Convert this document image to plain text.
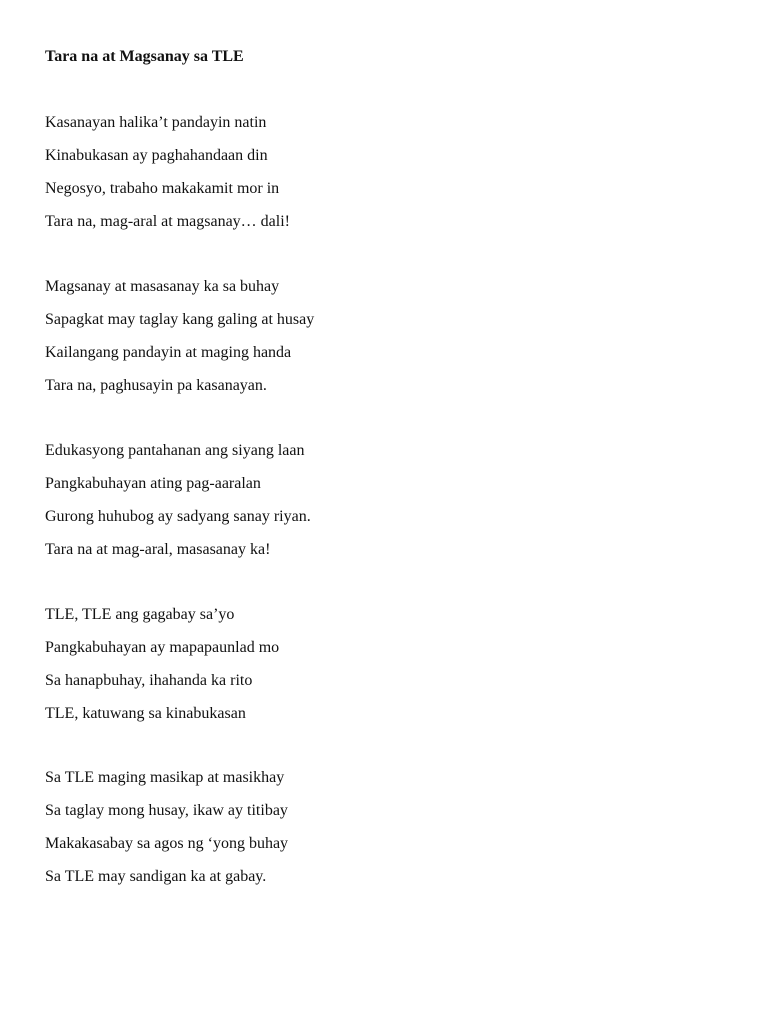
Tara na at Magsanay sa TLE
Kasanayan halika’t pandayin natin
Kinabukasan ay paghahandaan din
Negosyo, trabaho makakamit mor in
Tara na, mag-aral at magsanay… dali!
Magsanay at masasanay ka sa buhay
Sapagkat may taglay kang galing at husay
Kailangang pandayin at maging handa
Tara na, paghusayin pa kasanayan.
Edukasyong pantahanan ang siyang laan
Pangkabuhayan ating pag-aaralan
Gurong huhubog ay sadyang sanay riyan.
Tara na at mag-aral, masasanay ka!
TLE, TLE ang gagabay sa’yo
Pangkabuhayan ay mapapaunlad mo
Sa hanapbuhay, ihahanda ka rito
TLE, katuwang sa kinabukasan
Sa TLE maging masikap at masikhay
Sa taglay mong husay, ikaw ay titibay
Makakasabay sa agos ng ‘yong buhay
Sa TLE may sandigan ka at gabay.
